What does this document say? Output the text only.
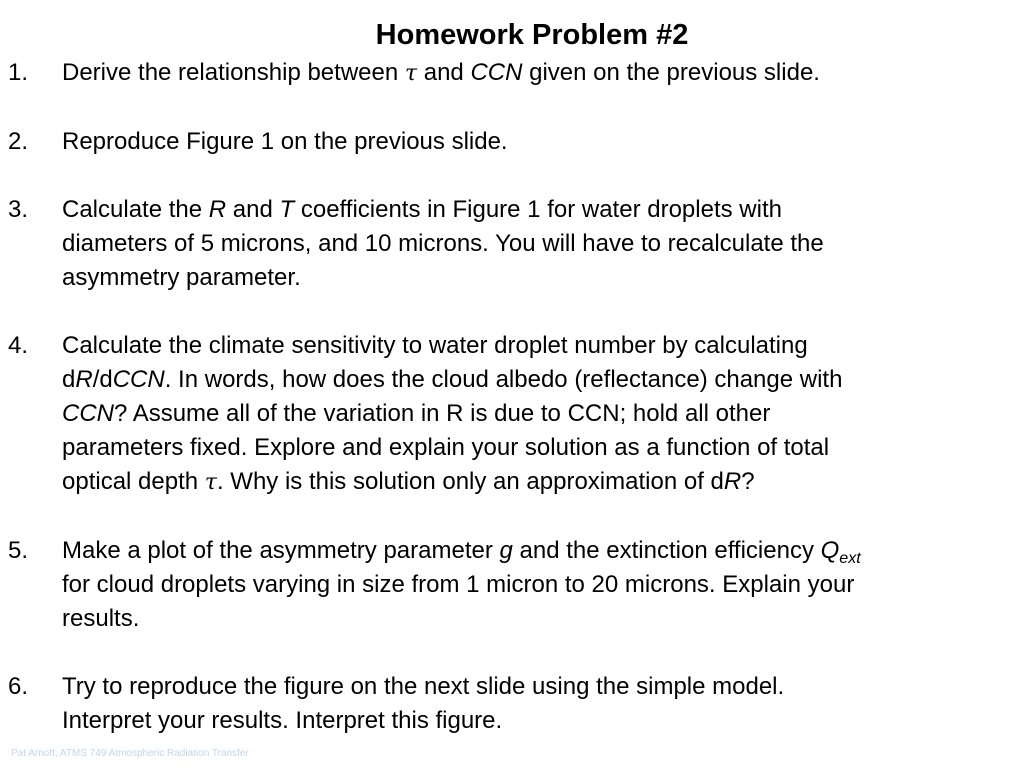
Homework Problem #2
1. Derive the relationship between τ and CCN given on the previous slide.
2. Reproduce Figure 1 on the previous slide.
3. Calculate the R and T coefficients in Figure 1 for water droplets with
diameters of 5 microns, and 10 microns. You will have to recalculate the
asymmetry parameter.
4. Calculate the climate sensitivity to water droplet number by calculating
dR/dCCN. In words, how does the cloud albedo (reflectance) change with
CCN? Assume all of the variation in R is due to CCN; hold all other
parameters fixed. Explore and explain your solution as a function of total
optical depth τ. Why is this solution only an approximation of dR?
5. Make a plot of the asymmetry parameter g and the extinction efficiency $Q_{ext}$
for cloud droplets varying in size from 1 micron to 20 microns. Explain your
results.
6. Try to reproduce the figure on the next slide using the simple model.
Interpret your results. Interpret this figure.
Pat Arnott, ATMS 749 Atmospheric Radiation Transfer
